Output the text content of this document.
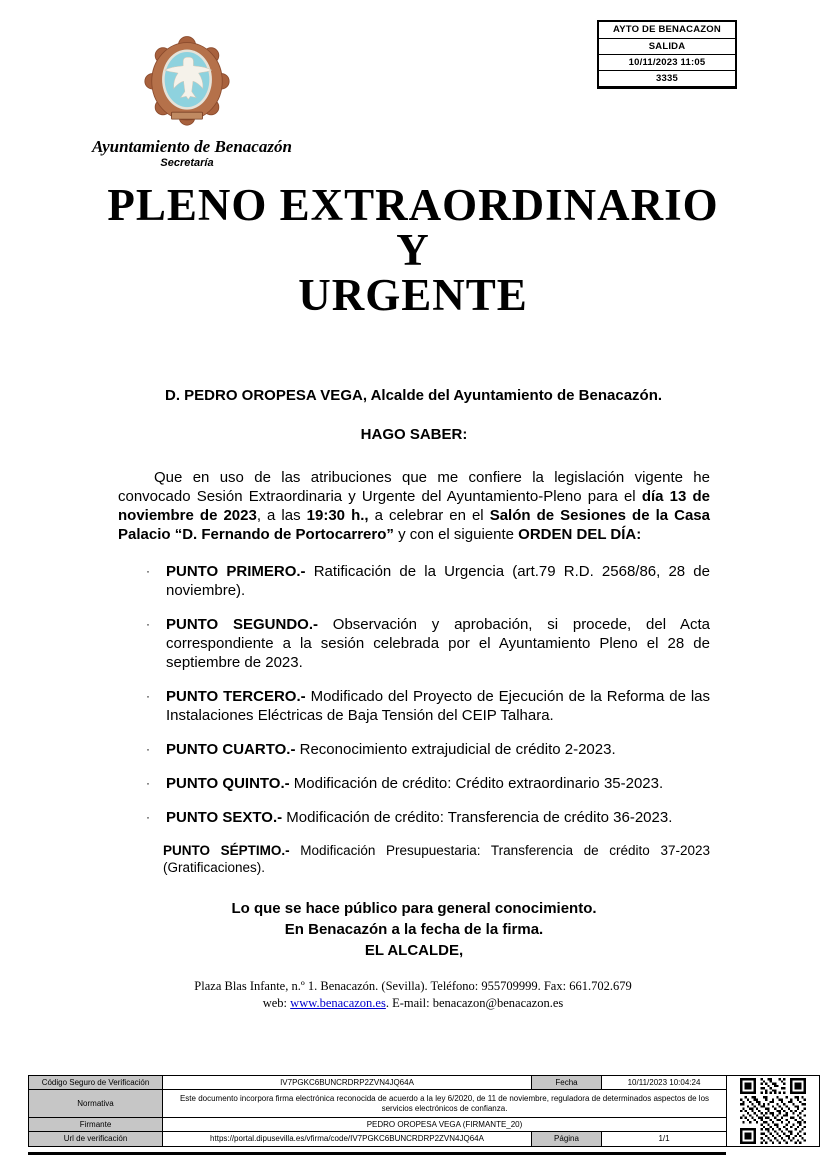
AYTO DE BENACAZON
SALIDA
10/11/2023 11:05
3335
Ayuntamiento de Benacazón
Secretaría
PLENO EXTRAORDINARIO
Y
URGENTE
D. PEDRO OROPESA VEGA, Alcalde del Ayuntamiento de Benacazón.
HAGO SABER:

Que en uso de las atribuciones que me confiere la legislación vigente he convocado Sesión Extraordinaria y Urgente del Ayuntamiento-Pleno para el día 13 de noviembre de 2023, a las 19:30 h., a celebrar en el Salón de Sesiones de la Casa Palacio “D. Fernando de Portocarrero” y con el siguiente ORDEN DEL DÍA:

· PUNTO PRIMERO.- Ratificación de la Urgencia (art.79 R.D. 2568/86, 28 de noviembre).
· PUNTO SEGUNDO.- Observación y aprobación, si procede, del Acta correspondiente a la sesión celebrada por el Ayuntamiento Pleno el 28 de septiembre de 2023.
· PUNTO TERCERO.- Modificado del Proyecto de Ejecución de la Reforma de las Instalaciones Eléctricas de Baja Tensión del CEIP Talhara.
· PUNTO CUARTO.- Reconocimiento extrajudicial de crédito 2-2023.
· PUNTO QUINTO.- Modificación de crédito: Crédito extraordinario 35-2023.
· PUNTO SEXTO.- Modificación de crédito: Transferencia de crédito 36-2023.
PUNTO SÉPTIMO.- Modificación Presupuestaria: Transferencia de crédito 37-2023 (Gratificaciones).
Lo que se hace público para general conocimiento.
En Benacazón a la fecha de la firma.
EL ALCALDE,
Plaza Blas Infante, n.º 1. Benacazón. (Sevilla). Teléfono: 955709999. Fax: 661.702.679
web: www.benacazon.es. E-mail: benacazon@benacazon.es
Código Seguro de Verificación	IV7PGKC6BUNCRDRP2ZVN4JQ64A	Fecha	10/11/2023 10:04:24
Normativa	Este documento incorpora firma electrónica reconocida de acuerdo a la ley 6/2020, de 11 de noviembre, reguladora de determinados aspectos de los servicios electrónicos de confianza.		
Firmante	PEDRO OROPESA VEGA (FIRMANTE_20)		
Url de verificación	https://portal.dipusevilla.es/vfirma/code/IV7PGKC6BUNCRDRP2ZVN4JQ64A	Página	1/1
